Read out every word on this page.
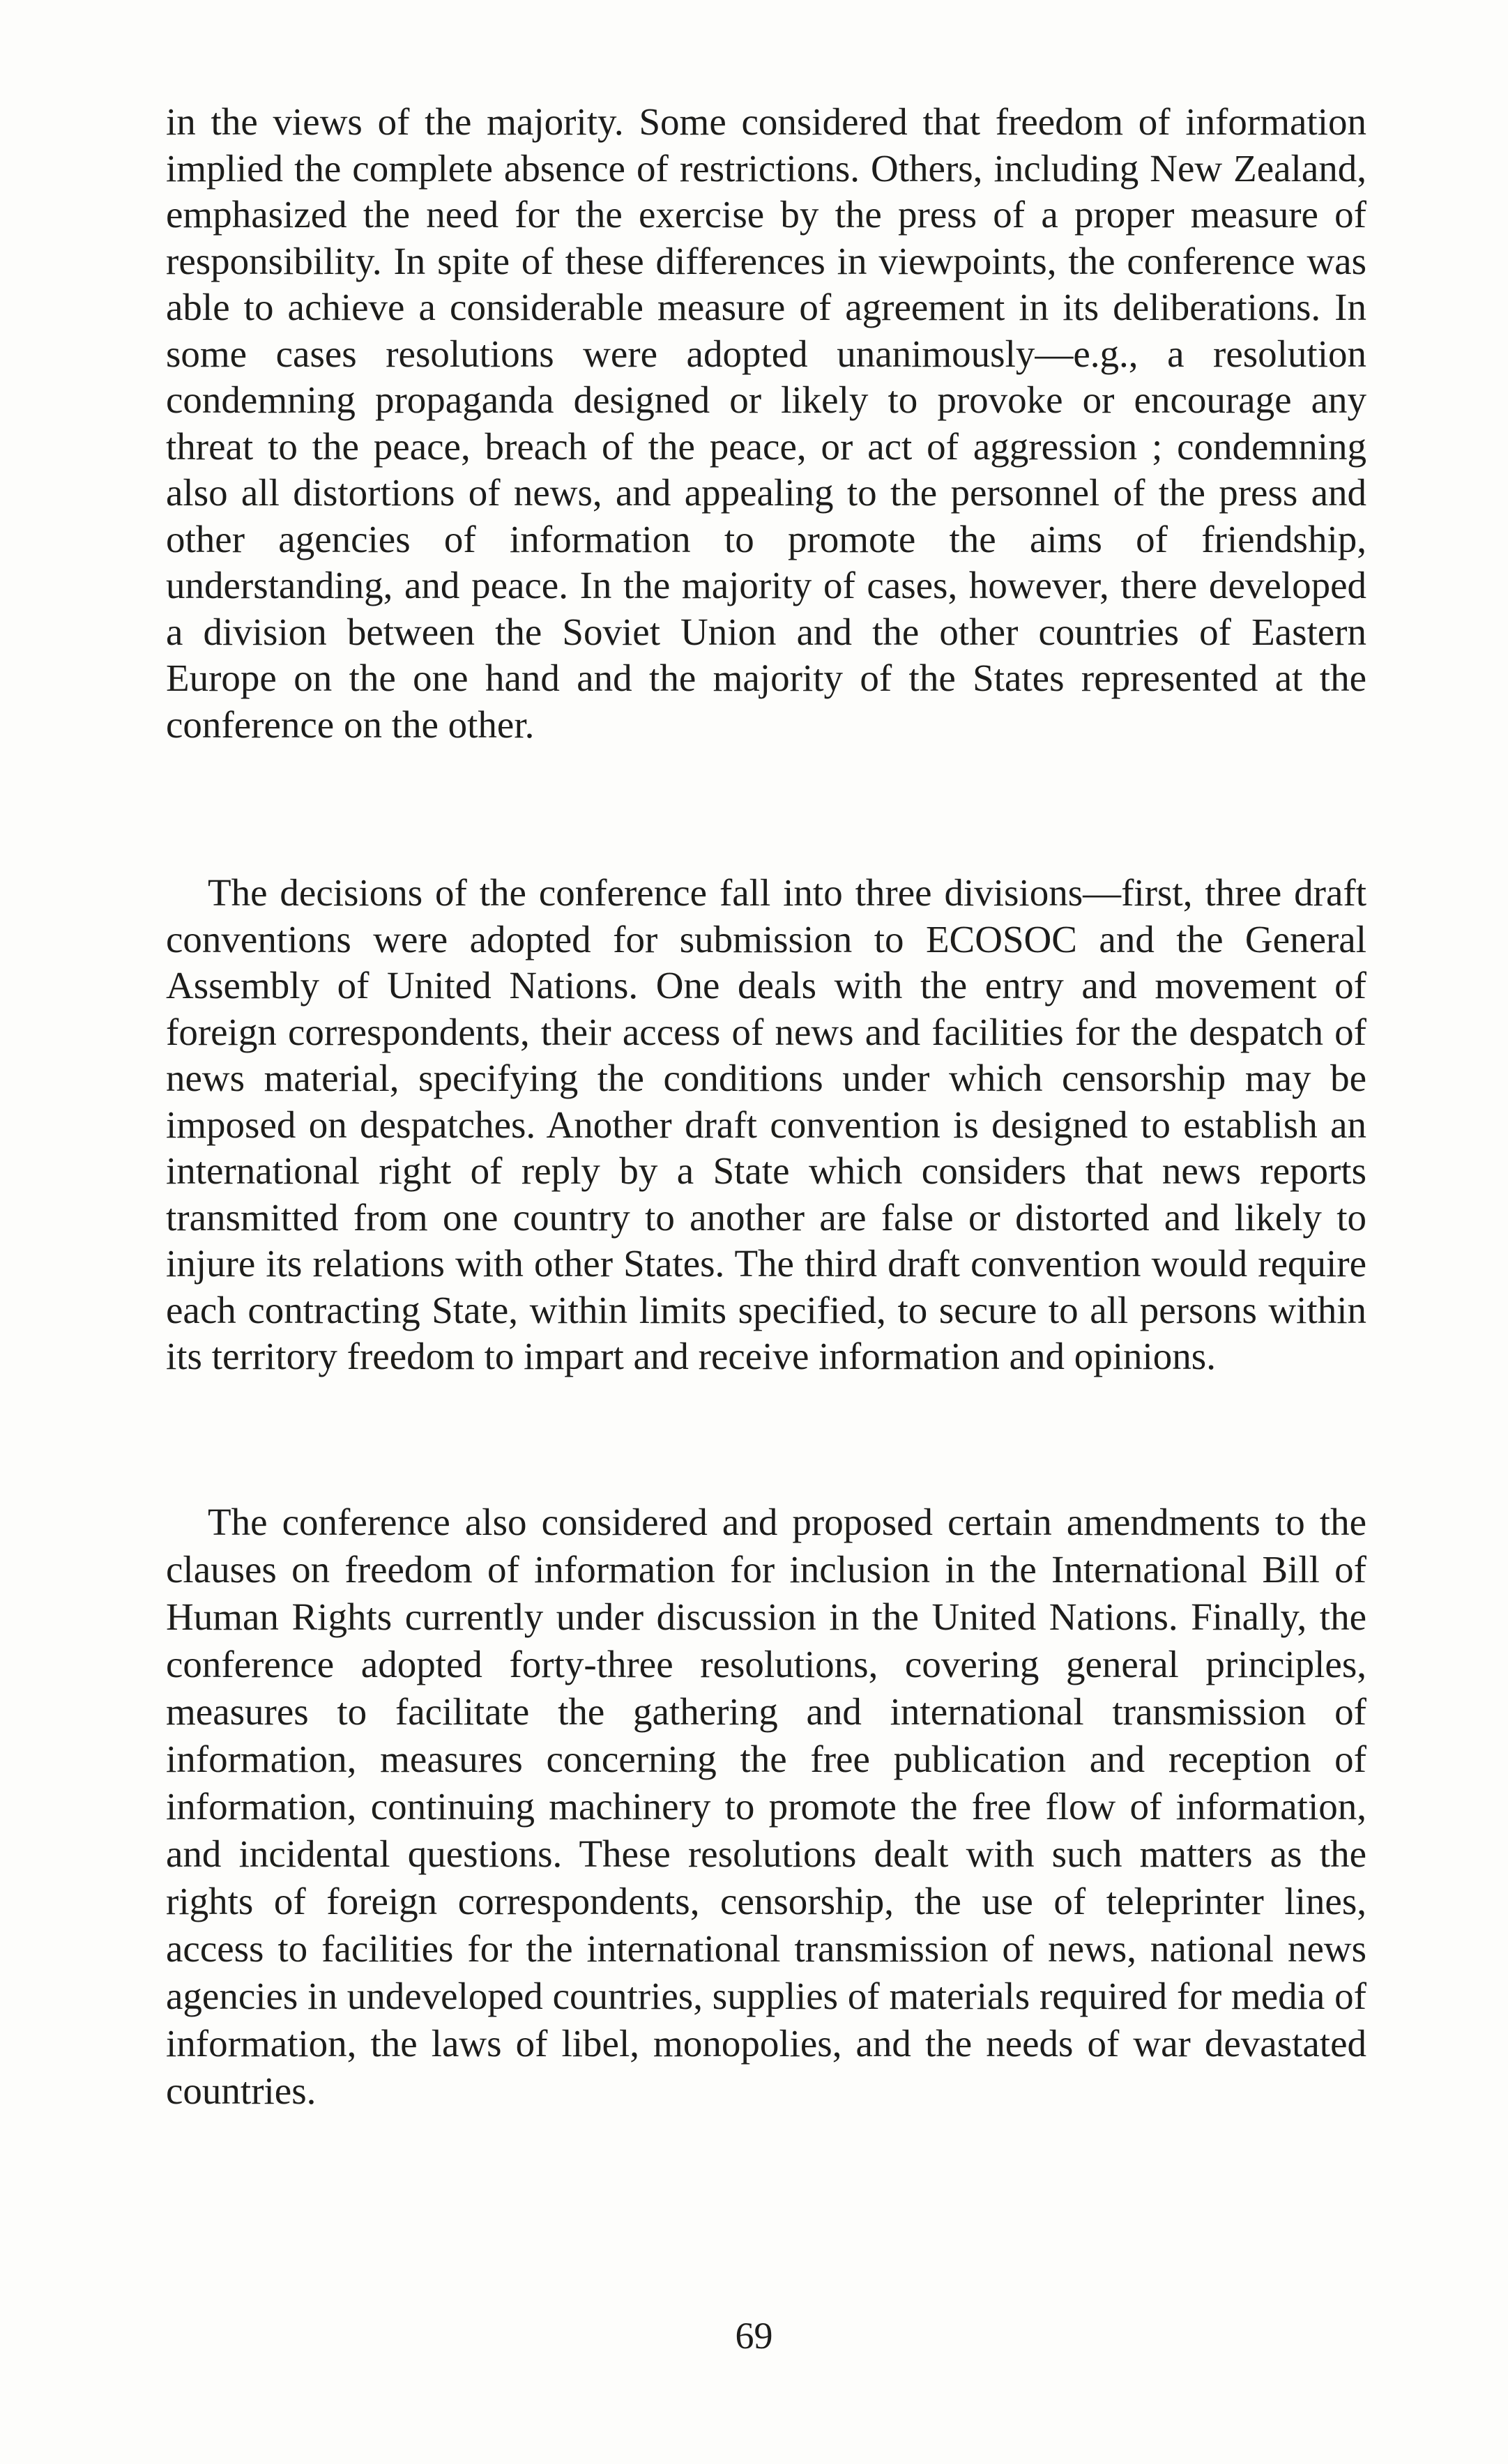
in the views of the majority. Some considered that freedom of information implied the complete absence of restrictions. Others, including New Zealand, emphasized the need for the exercise by the press of a proper measure of responsibility. In spite of these differences in viewpoints, the conference was able to achieve a considerable measure of agreement in its deliberations. In some cases resolutions were adopted unanimously—e.g., a resolution condemning propaganda designed or likely to provoke or encourage any threat to the peace, breach of the peace, or act of aggression ; condemning also all distortions of news, and appealing to the personnel of the press and other agencies of information to promote the aims of friendship, understanding, and peace. In the majority of cases, however, there developed a division between the Soviet Union and the other countries of Eastern Europe on the one hand and the majority of the States represented at the conference on the other.

The decisions of the conference fall into three divisions—first, three draft conventions were adopted for submission to ECOSOC and the General Assembly of United Nations. One deals with the entry and movement of foreign correspondents, their access of news and facilities for the despatch of news material, specifying the conditions under which censorship may be imposed on despatches. Another draft convention is designed to establish an international right of reply by a State which considers that news reports transmitted from one country to another are false or distorted and likely to injure its relations with other States. The third draft convention would require each contracting State, within limits specified, to secure to all persons within its territory freedom to impart and receive information and opinions.

The conference also considered and proposed certain amendments to the clauses on freedom of information for inclusion in the International Bill of Human Rights currently under discussion in the United Nations. Finally, the conference adopted forty-three resolutions, covering general principles, measures to facilitate the gathering and international transmission of information, measures concerning the free publication and reception of information, continuing machinery to promote the free flow of information, and incidental questions. These resolutions dealt with such matters as the rights of foreign correspondents, censorship, the use of teleprinter lines, access to facilities for the international transmission of news, national news agencies in undeveloped countries, supplies of materials required for media of information, the laws of libel, monopolies, and the needs of war devastated countries.

69
